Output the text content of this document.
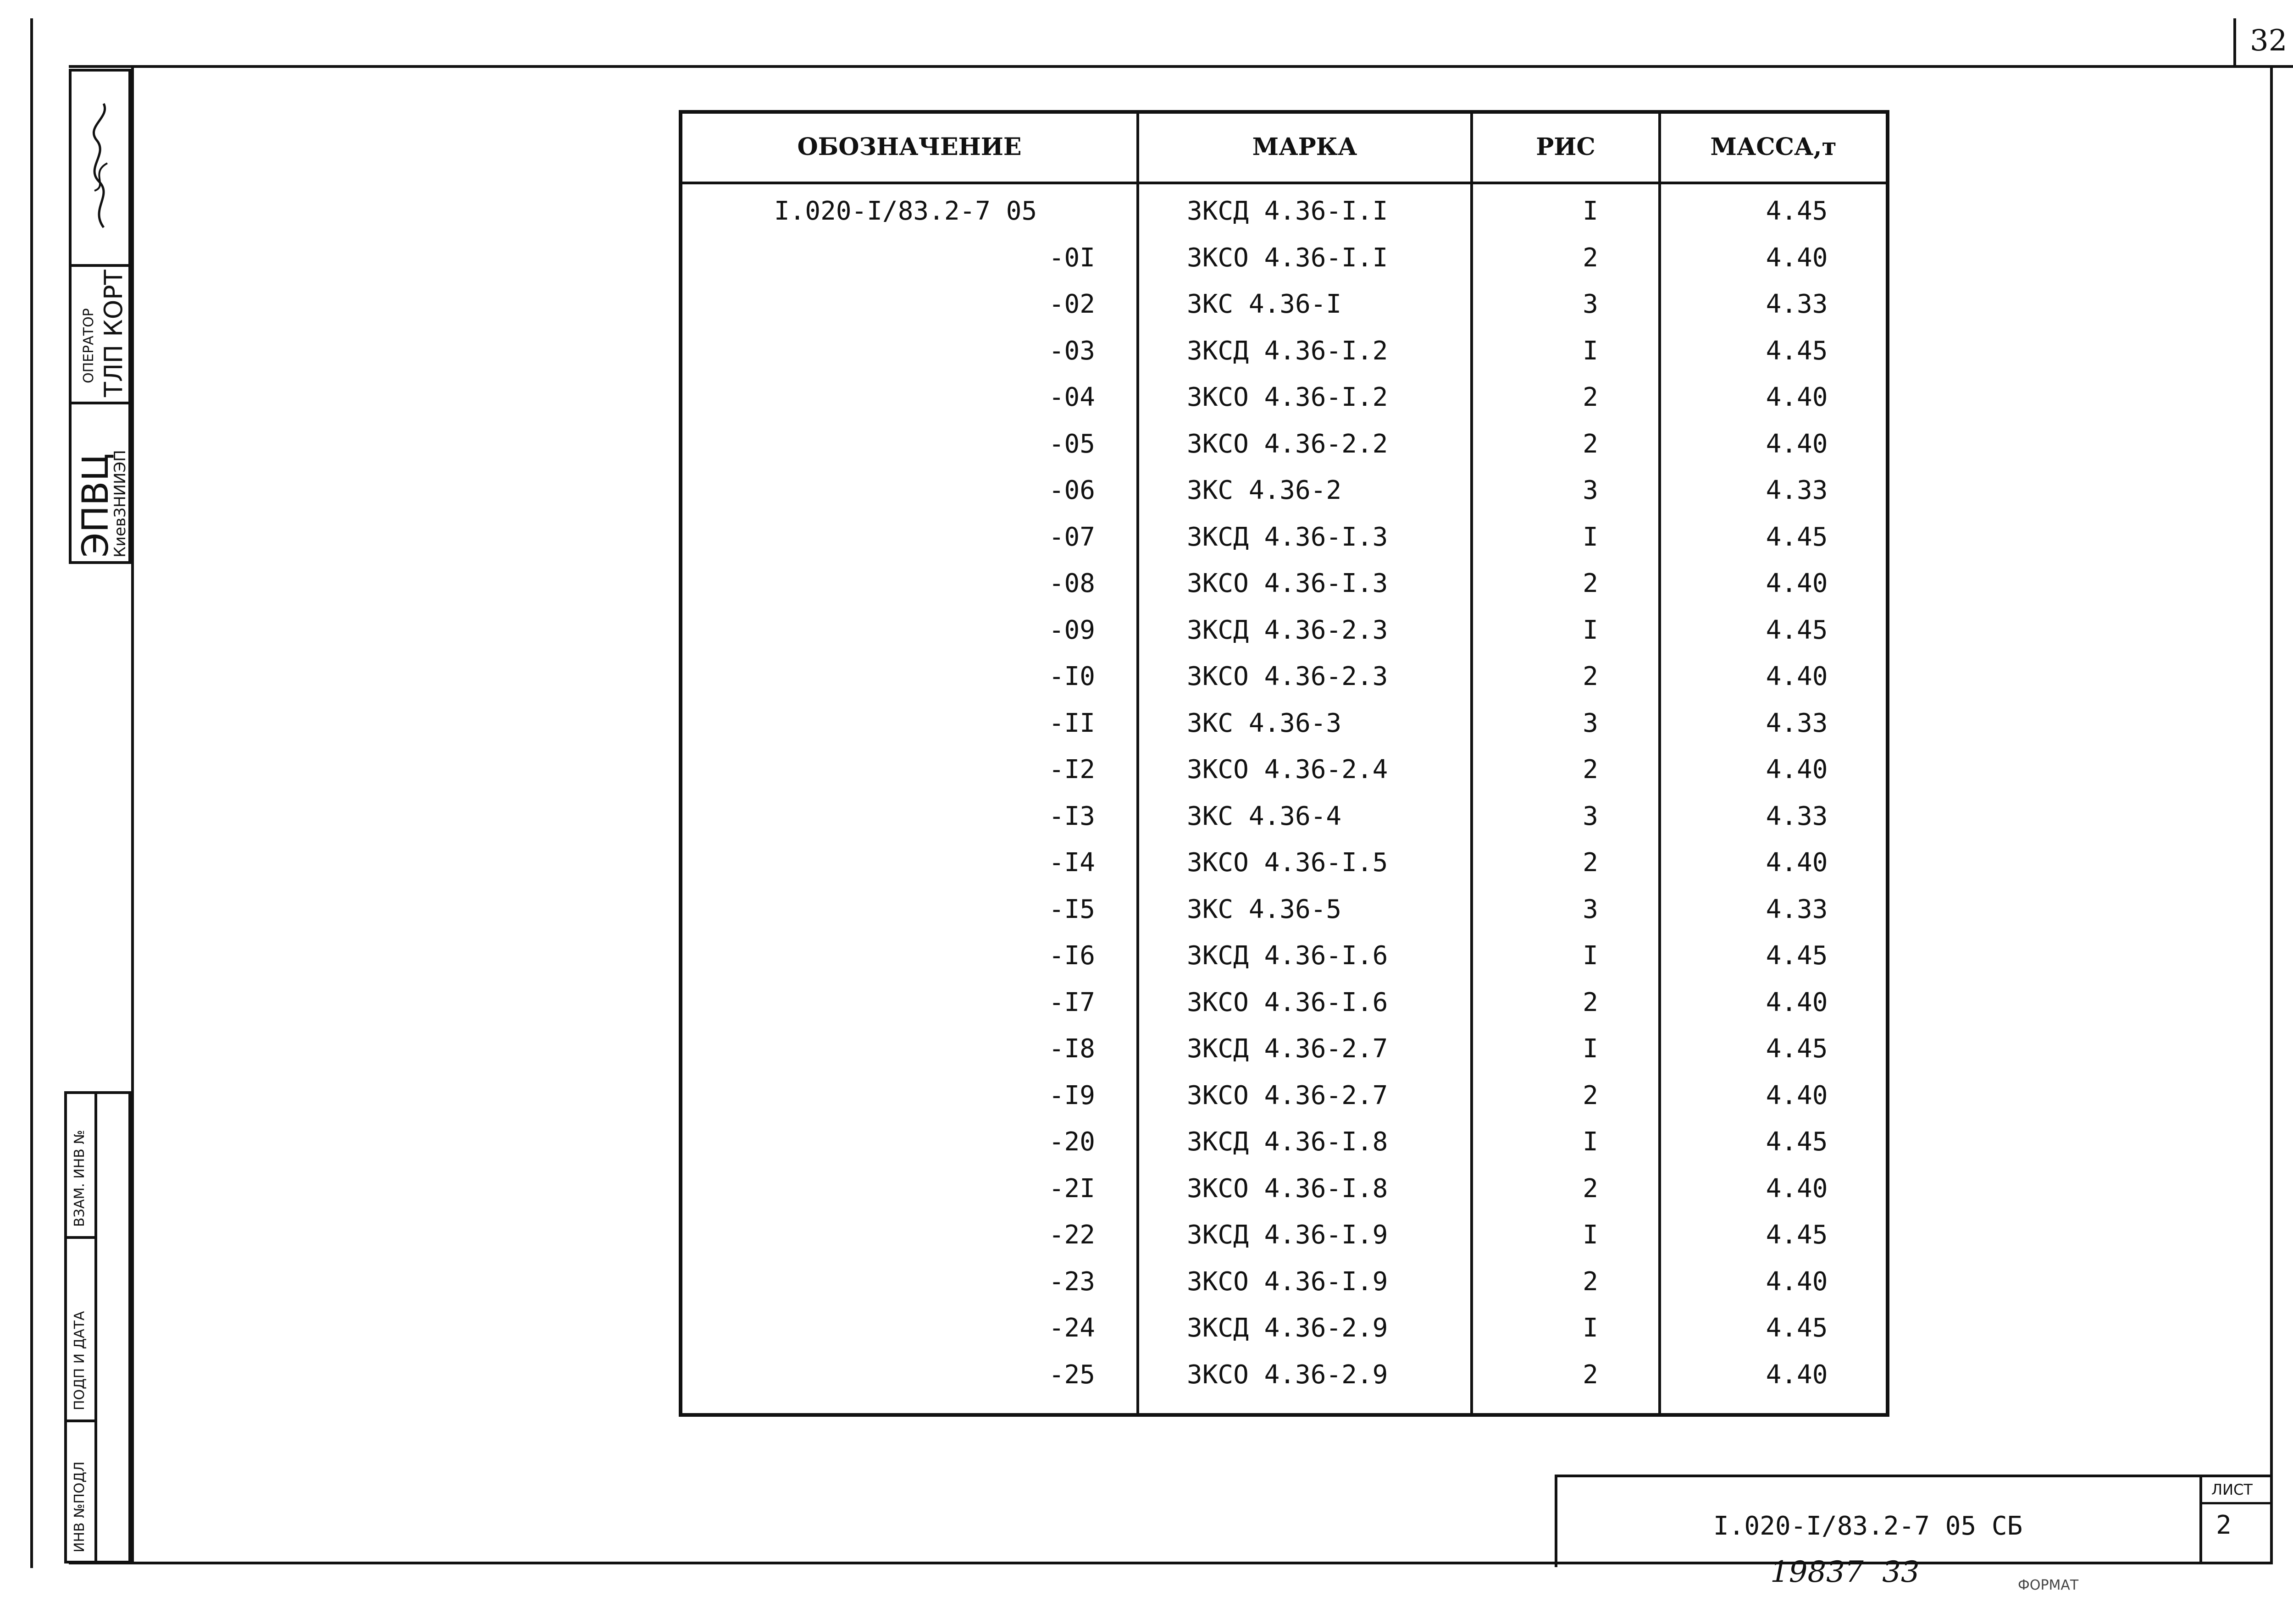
32
ОПЕРАТОР ТЛП КОРТ
ЭПВЦ
КиевЗНИИЭП
ВЗАМ. ИНВ №
ПОДП И ДАТА
ИНВ №ПОДЛ
ОБОЗНАЧЕНИЕ	МАРКА	РИС	МАССА,т
I.020-I/83.2-7 05	3КСД 4.36-I.I	I	4.45
-0I	3КСО 4.36-I.I	2	4.40
-02	3КС 4.36-I	3	4.33
-03	3КСД 4.36-I.2	I	4.45
-04	3КСО 4.36-I.2	2	4.40
-05	3КСО 4.36-2.2	2	4.40
-06	3КС 4.36-2	3	4.33
-07	3КСД 4.36-I.3	I	4.45
-08	3КСО 4.36-I.3	2	4.40
-09	3КСД 4.36-2.3	I	4.45
-I0	3КСО 4.36-2.3	2	4.40
-II	3КС 4.36-3	3	4.33
-I2	3КСО 4.36-2.4	2	4.40
-I3	3КС 4.36-4	3	4.33
-I4	3КСО 4.36-I.5	2	4.40
-I5	3КС 4.36-5	3	4.33
-I6	3КСД 4.36-I.6	I	4.45
-I7	3КСО 4.36-I.6	2	4.40
-I8	3КСД 4.36-2.7	I	4.45
-I9	3КСО 4.36-2.7	2	4.40
-20	3КСД 4.36-I.8	I	4.45
-2I	3КСО 4.36-I.8	2	4.40
-22	3КСД 4.36-I.9	I	4.45
-23	3КСО 4.36-I.9	2	4.40
-24	3КСД 4.36-2.9	I	4.45
-25	3КСО 4.36-2.9	2	4.40
ЛИСТ
2
I.020-I/83.2-7 05 СБ
19837  33	ФОРМАТ
